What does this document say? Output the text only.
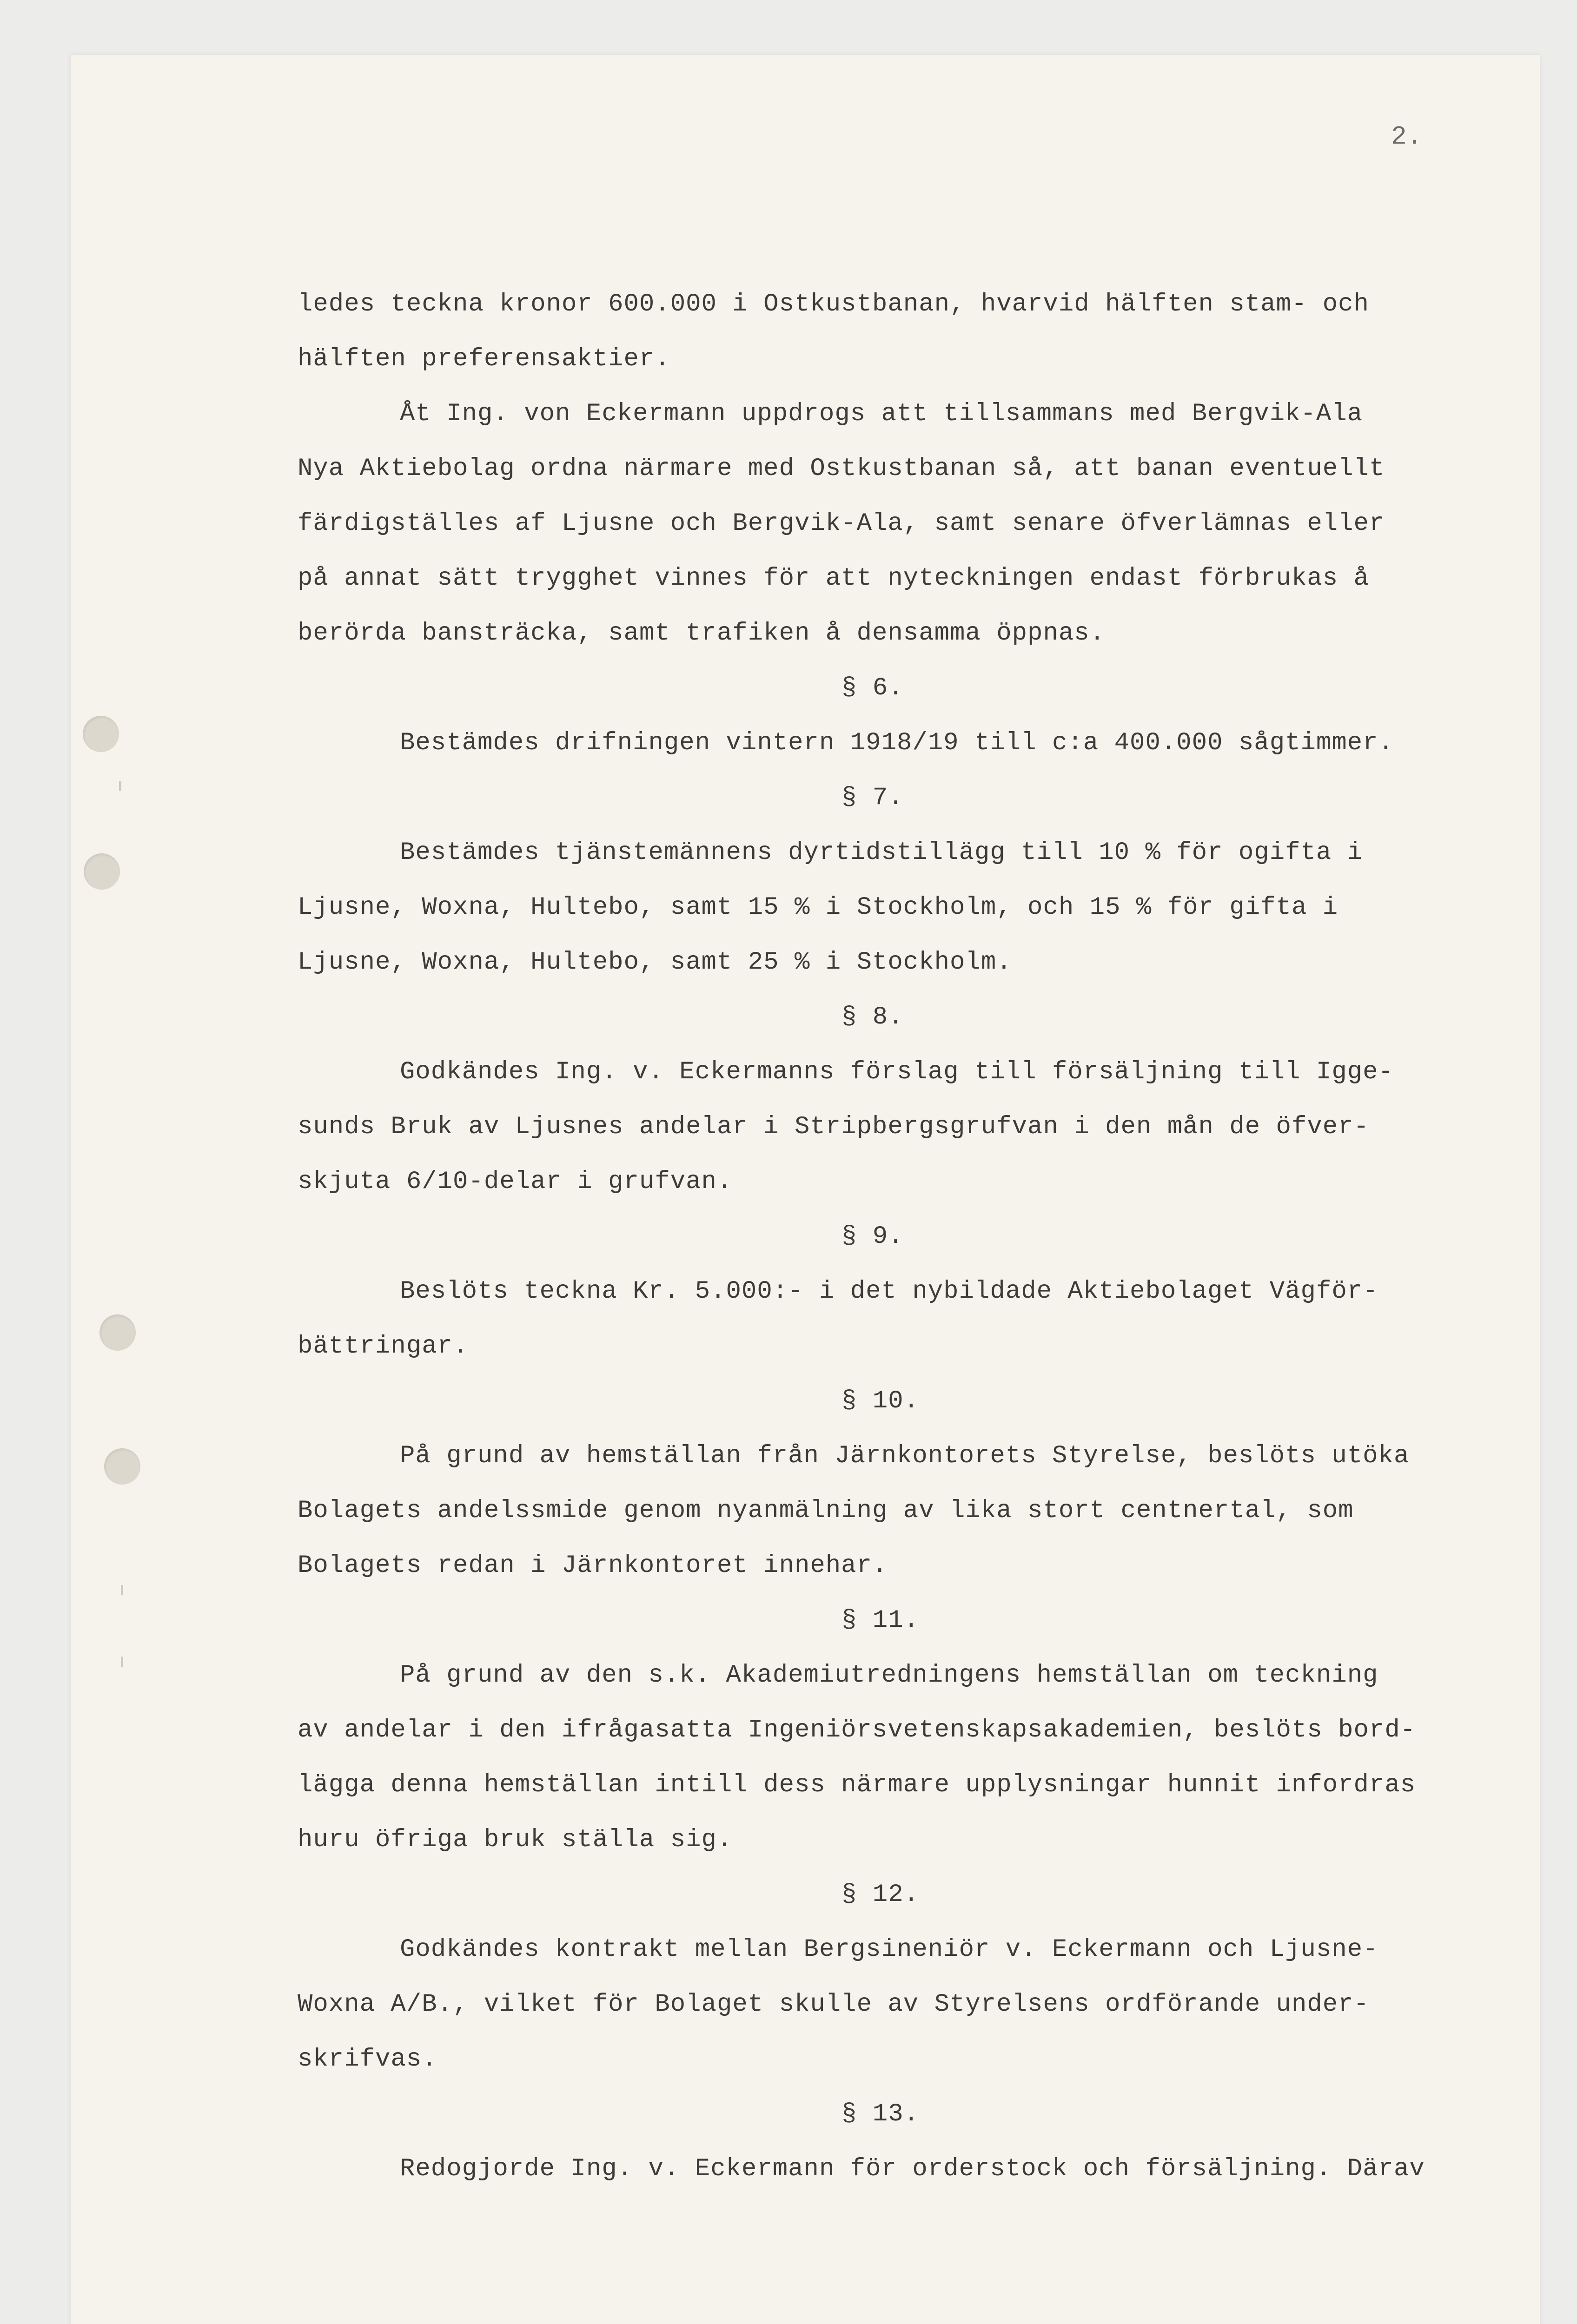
2.
ledes teckna kronor 600.000 i Ostkustbanan, hvarvid hälften stam- och
hälften preferensaktier.
Åt Ing. von Eckermann uppdrogs att tillsammans med Bergvik-Ala
Nya Aktiebolag ordna närmare med Ostkustbanan så, att banan eventuellt
färdigställes af Ljusne och Bergvik-Ala, samt senare öfverlämnas eller
på annat sätt trygghet vinnes för att nyteckningen endast förbrukas å
berörda bansträcka, samt trafiken å densamma öppnas.
§ 6.
Bestämdes drifningen vintern 1918/19 till c:a 400.000 sågtimmer.
§ 7.
Bestämdes tjänstemännens dyrtidstillägg till 10 % för ogifta i
Ljusne, Woxna, Hultebo, samt 15 % i Stockholm, och 15 % för gifta i
Ljusne, Woxna, Hultebo, samt 25 % i Stockholm.
§ 8.
Godkändes Ing. v. Eckermanns förslag till försäljning till Igge-
sunds Bruk av Ljusnes andelar i Stripbergsgrufvan i den mån de öfver-
skjuta 6/10-delar i grufvan.
§ 9.
Beslöts teckna Kr. 5.000:- i det nybildade Aktiebolaget Vägför-
bättringar.
§ 10.
På grund av hemställan från Järnkontorets Styrelse, beslöts utöka
Bolagets andelssmide genom nyanmälning av lika stort centnertal, som
Bolagets redan i Järnkontoret innehar.
§ 11.
På grund av den s.k. Akademiutredningens hemställan om teckning
av andelar i den ifrågasatta Ingeniörsvetenskapsakademien, beslöts bord-
lägga denna hemställan intill dess närmare upplysningar hunnit infordras
huru öfriga bruk ställa sig.
§ 12.
Godkändes kontrakt mellan Bergsineniör v. Eckermann och Ljusne-
Woxna A/B., vilket för Bolaget skulle av Styrelsens ordförande under-
skrifvas.
§ 13.
Redogjorde Ing. v. Eckermann för orderstock och försäljning. Därav
